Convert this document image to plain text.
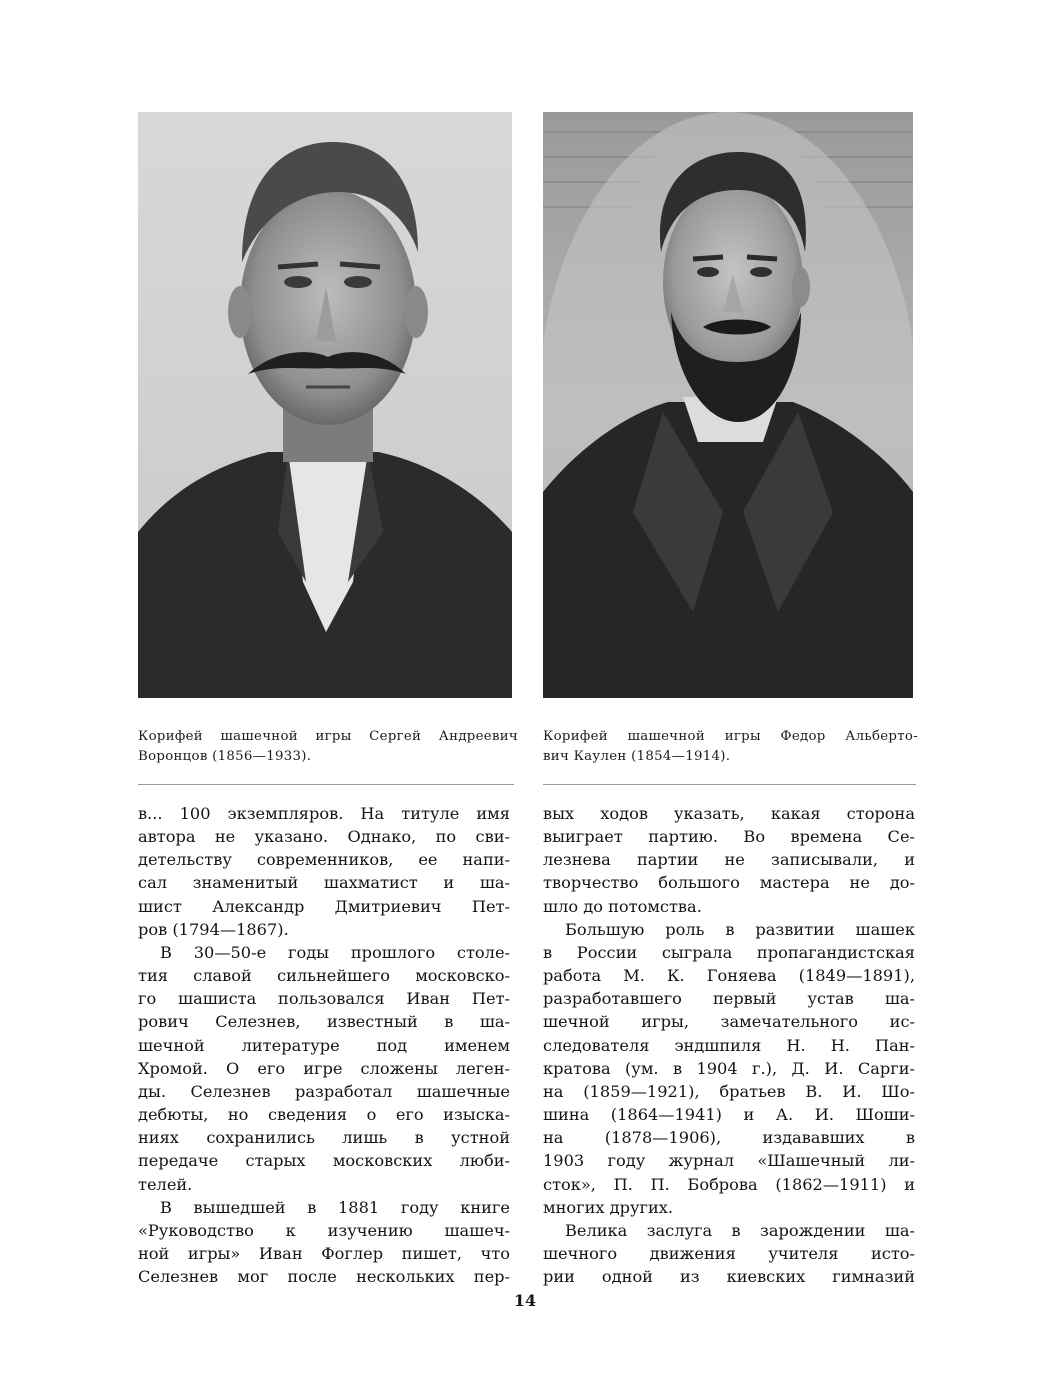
Корифей шашечной игры Сергей Андреевич
Воронцов (1856—1933).
Корифей шашечной игры Федор Альберто-
вич Каулен (1854—1914).
в... 100 экземпляров. На титуле имя
автора не указано. Однако, по сви-
детельству современников, ее напи-
сал знаменитый шахматист и ша-
шист Александр Дмитриевич Пет-
ров (1794—1867).
В 30—50-е годы прошлого столе-
тия славой сильнейшего московско-
го шашиста пользовался Иван Пет-
рович Селезнев, известный в ша-
шечной литературе под именем
Хромой. О его игре сложены леген-
ды. Селезнев разработал шашечные
дебюты, но сведения о его изыска-
ниях сохранились лишь в устной
передаче старых московских люби-
телей.
В вышедшей в 1881 году книге
«Руководство к изучению шашеч-
ной игры» Иван Фоглер пишет, что
Селезнев мог после нескольких пер-
вых ходов указать, какая сторона
выиграет партию. Во времена Се-
лезнева партии не записывали, и
творчество большого мастера не до-
шло до потомства.
Большую роль в развитии шашек
в России сыграла пропагандистская
работа М. К. Гоняева (1849—1891),
разработавшего первый устав ша-
шечной игры, замечательного ис-
следователя эндшпиля Н. Н. Пан-
кратова (ум. в 1904 г.), Д. И. Сарги-
на (1859—1921), братьев В. И. Шо-
шина (1864—1941) и А. И. Шоши-
на (1878—1906), издававших в
1903 году журнал «Шашечный ли-
сток», П. П. Боброва (1862—1911) и
многих других.
Велика заслуга в зарождении ша-
шечного движения учителя исто-
рии одной из киевских гимназий
14
